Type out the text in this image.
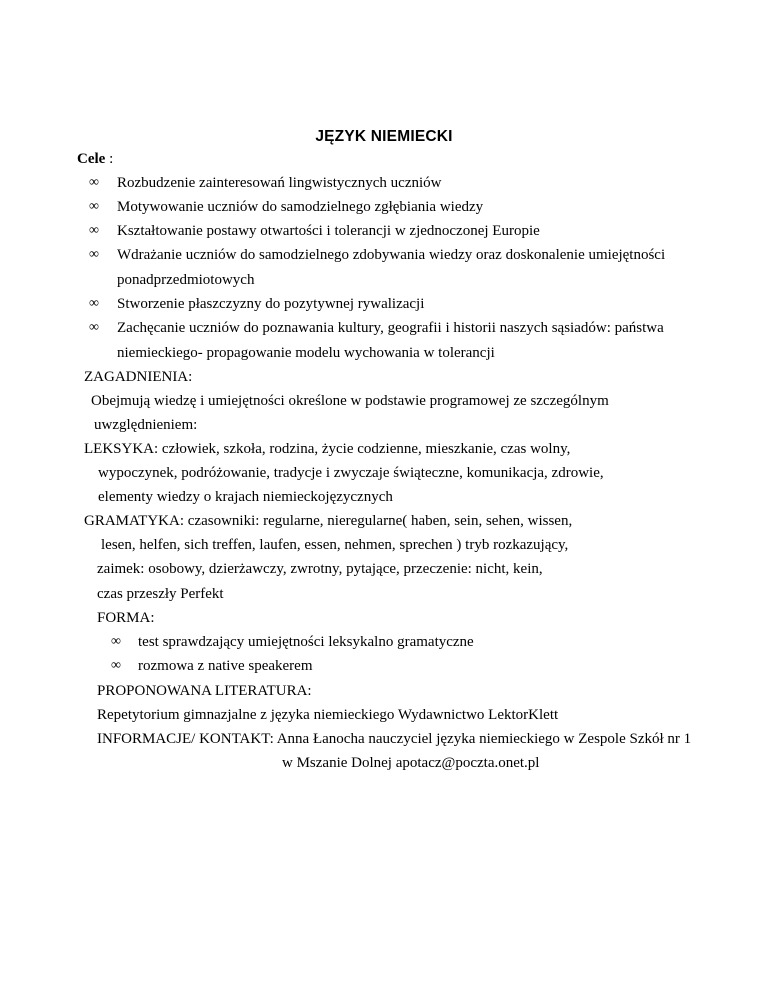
JĘZYK NIEMIECKI
Cele :
∞ Rozbudzenie zainteresowań lingwistycznych uczniów
∞ Motywowanie uczniów do samodzielnego zgłębiania wiedzy
∞ Kształtowanie postawy otwartości i tolerancji w zjednoczonej Europie
∞ Wdrażanie uczniów do samodzielnego zdobywania wiedzy oraz doskonalenie umiejętności
ponadprzedmiotowych
∞ Stworzenie płaszczyzny do pozytywnej rywalizacji
∞ Zachęcanie uczniów do poznawania kultury, geografii i historii naszych sąsiadów: państwa
niemieckiego- propagowanie modelu wychowania w tolerancji
ZAGADNIENIA:
Obejmują wiedzę i umiejętności określone w podstawie programowej ze szczególnym
uwzględnieniem:
LEKSYKA: człowiek, szkoła, rodzina, życie codzienne, mieszkanie, czas wolny,
wypoczynek, podróżowanie, tradycje i zwyczaje świąteczne, komunikacja, zdrowie,
elementy wiedzy o krajach niemieckojęzycznych
GRAMATYKA: czasowniki: regularne, nieregularne( haben, sein, sehen, wissen,
lesen, helfen, sich treffen, laufen, essen, nehmen, sprechen ) tryb rozkazujący,
zaimek: osobowy, dzierżawczy, zwrotny, pytające, przeczenie: nicht, kein,
czas przeszły Perfekt
FORMA:
∞ test sprawdzający umiejętności leksykalno gramatyczne
∞ rozmowa z native speakerem
PROPONOWANA LITERATURA:
Repetytorium gimnazjalne z języka niemieckiego Wydawnictwo LektorKlett
INFORMACJE/ KONTAKT: Anna Łanocha nauczyciel języka niemieckiego w Zespole Szkół nr 1
w Mszanie Dolnej apotacz@poczta.onet.pl
